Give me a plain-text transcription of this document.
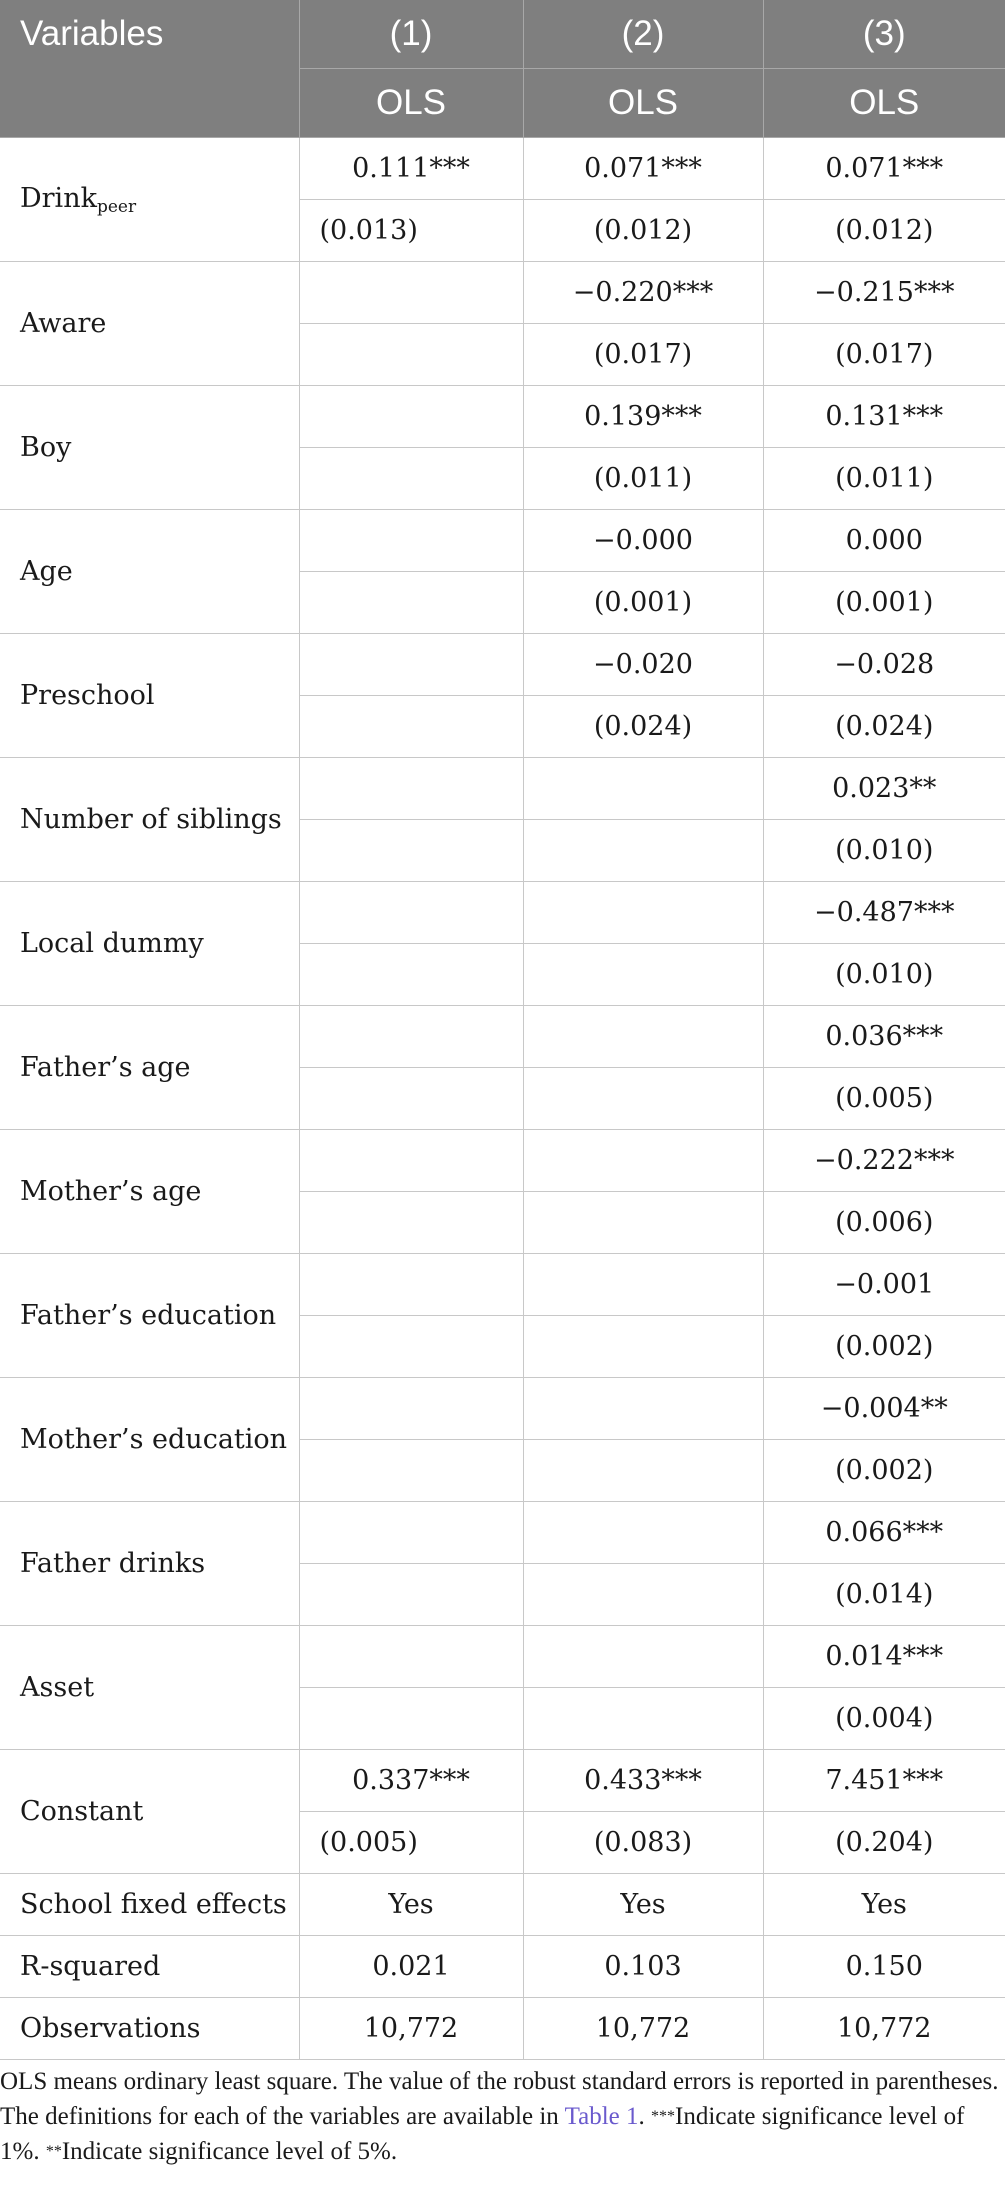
Variables	(1)	(2)	(3)
	OLS	OLS	OLS
Drink$_{peer}$	0.111***	0.071***	0.071***
	(0.013)	(0.012)	(0.012)
Aware		−0.220***	−0.215***
		(0.017)	(0.017)
Boy		0.139***	0.131***
		(0.011)	(0.011)
Age		−0.000	0.000
		(0.001)	(0.001)
Preschool		−0.020	−0.028
		(0.024)	(0.024)
Number of siblings			0.023**
			(0.010)
Local dummy			−0.487***
			(0.010)
Father’s age			0.036***
			(0.005)
Mother’s age			−0.222***
			(0.006)
Father’s education			−0.001
			(0.002)
Mother’s education			−0.004**
			(0.002)
Father drinks			0.066***
			(0.014)
Asset			0.014***
			(0.004)
Constant	0.337***	0.433***	7.451***
	(0.005)	(0.083)	(0.204)
School fixed effects	Yes	Yes	Yes
R-squared	0.021	0.103	0.150
Observations	10,772	10,772	10,772

OLS means ordinary least square. The value of the robust standard errors is reported in parentheses. The definitions for each of the variables are available in Table 1. ***Indicate significance level of 1%. **Indicate significance level of 5%.
